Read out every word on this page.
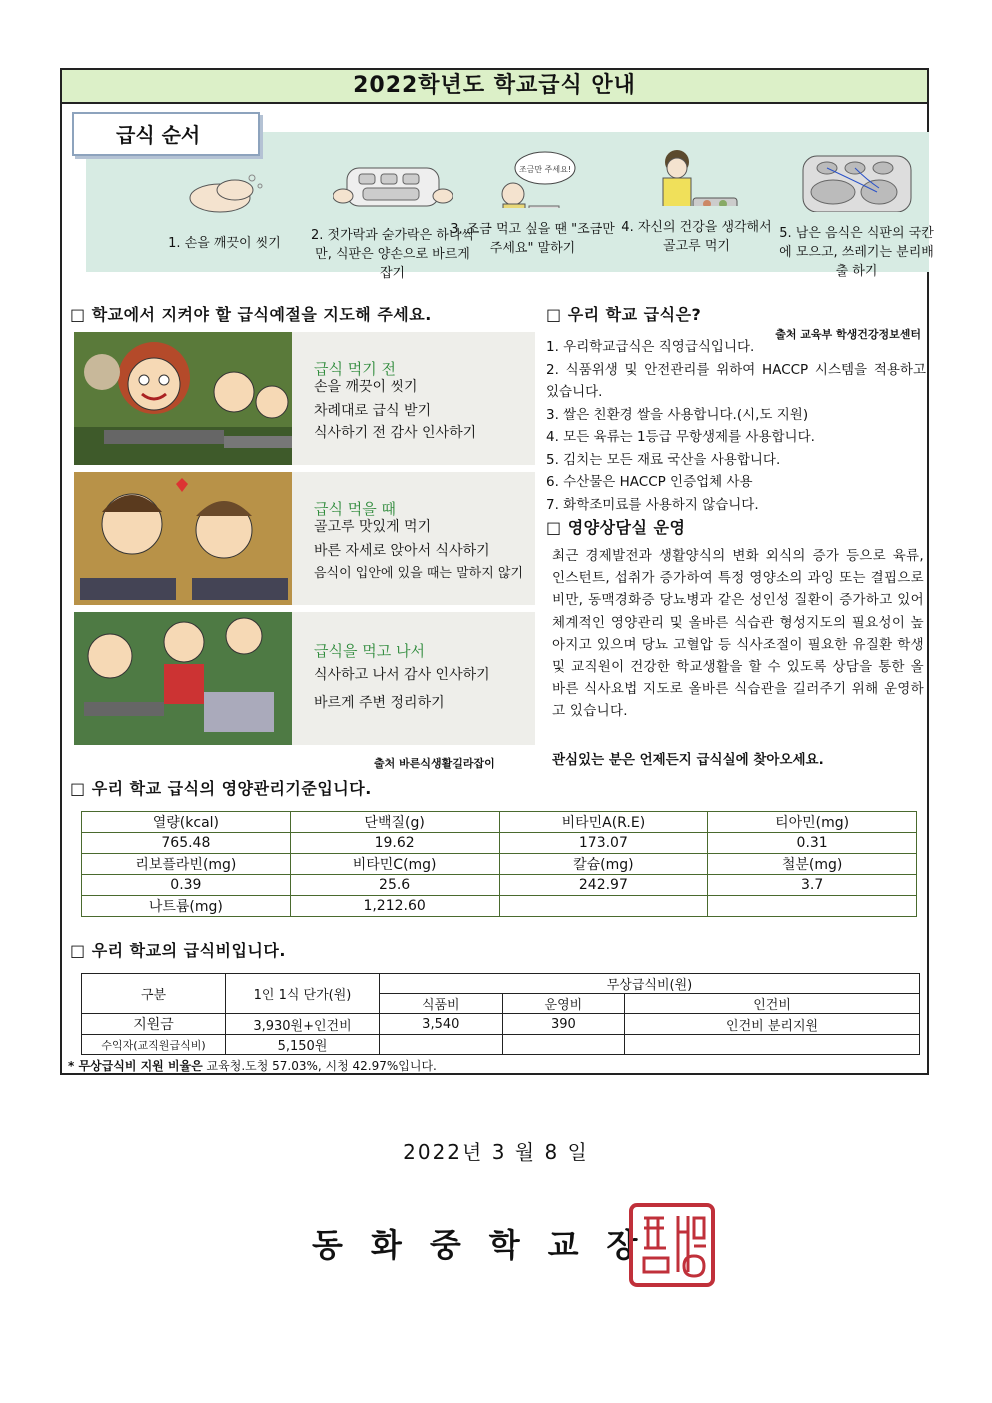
2022학년도 학교급식 안내
급식 순서
1. 손을 깨끗이 씻기
2. 젓가락과 숟가락은 하나씩만, 식판은 양손으로 바르게 잡기
조금만 주세요!
3. 조금 먹고 싶을 땐 "조금만 주세요" 말하기
4. 자신의 건강을 생각해서 골고루 먹기
5. 남은 음식은 식판의 국칸에 모으고, 쓰레기는 분리배출 하기
출처 교육부 학생건강정보센터
□ 학교에서 지켜야 할 급식예절을 지도해 주세요.
급식 먹기 전
손을 깨끗이 씻기
차례대로 급식 받기
식사하기 전 감사 인사하기
급식 먹을 때
골고루 맛있게 먹기
바른 자세로 앉아서 식사하기
음식이 입안에 있을 때는 말하지 않기
급식을 먹고 나서
식사하고 나서 감사 인사하기
바르게 주변 정리하기
출처 바른식생활길라잡이
□ 우리 학교 급식은?
1. 우리학교급식은 직영급식입니다.
2. 식품위생 및 안전관리를 위하여 HACCP 시스템을 적용하고 있습니다.
3. 쌀은 친환경 쌀을 사용합니다.(시,도 지원)
4. 모든 육류는 1등급 무항생제를 사용합니다.
5. 김치는 모든 재료 국산을 사용합니다.
6. 수산물은 HACCP 인증업체 사용
7. 화학조미료를 사용하지 않습니다.
□ 영양상담실 운영
최근 경제발전과 생활양식의 변화 외식의 증가 등으로 육류, 인스턴트, 섭취가 증가하여 특정 영양소의 과잉 또는 결핍으로 비만, 동맥경화증 당뇨병과 같은 성인성 질환이 증가하고 있어 체계적인 영양관리 및 올바른 식습관 형성지도의 필요성이 높아지고 있으며 당뇨 고혈압 등 식사조절이 필요한 유질환 학생 및 교직원이 건강한 학교생활을 할 수 있도록 상담을 통한 올바른 식사요법 지도로 올바른 식습관을 길러주기 위해 운영하고 있습니다.
관심있는 분은 언제든지 급식실에 찾아오세요.
□ 우리 학교 급식의 영양관리기준입니다.
열량(kcal)	단백질(g)	비타민A(R.E)	티아민(mg)
765.48	19.62	173.07	0.31
리보플라빈(mg)	비타민C(mg)	칼슘(mg)	철분(mg)
0.39	25.6	242.97	3.7
나트륨(mg)	1,212.60		
□ 우리 학교의 급식비입니다.
구분	1인 1식 단가(원)	무상급식비(원)		
		식품비	운영비	인건비
지원금	3,930원+인건비	3,540	390	인건비 분리지원
수익자(교직원급식비)	5,150원			
* 무상급식비 지원 비율은 교육청.도청 57.03%, 시청 42.97%입니다.
2022년 3 월 8 일
동화중학교장
